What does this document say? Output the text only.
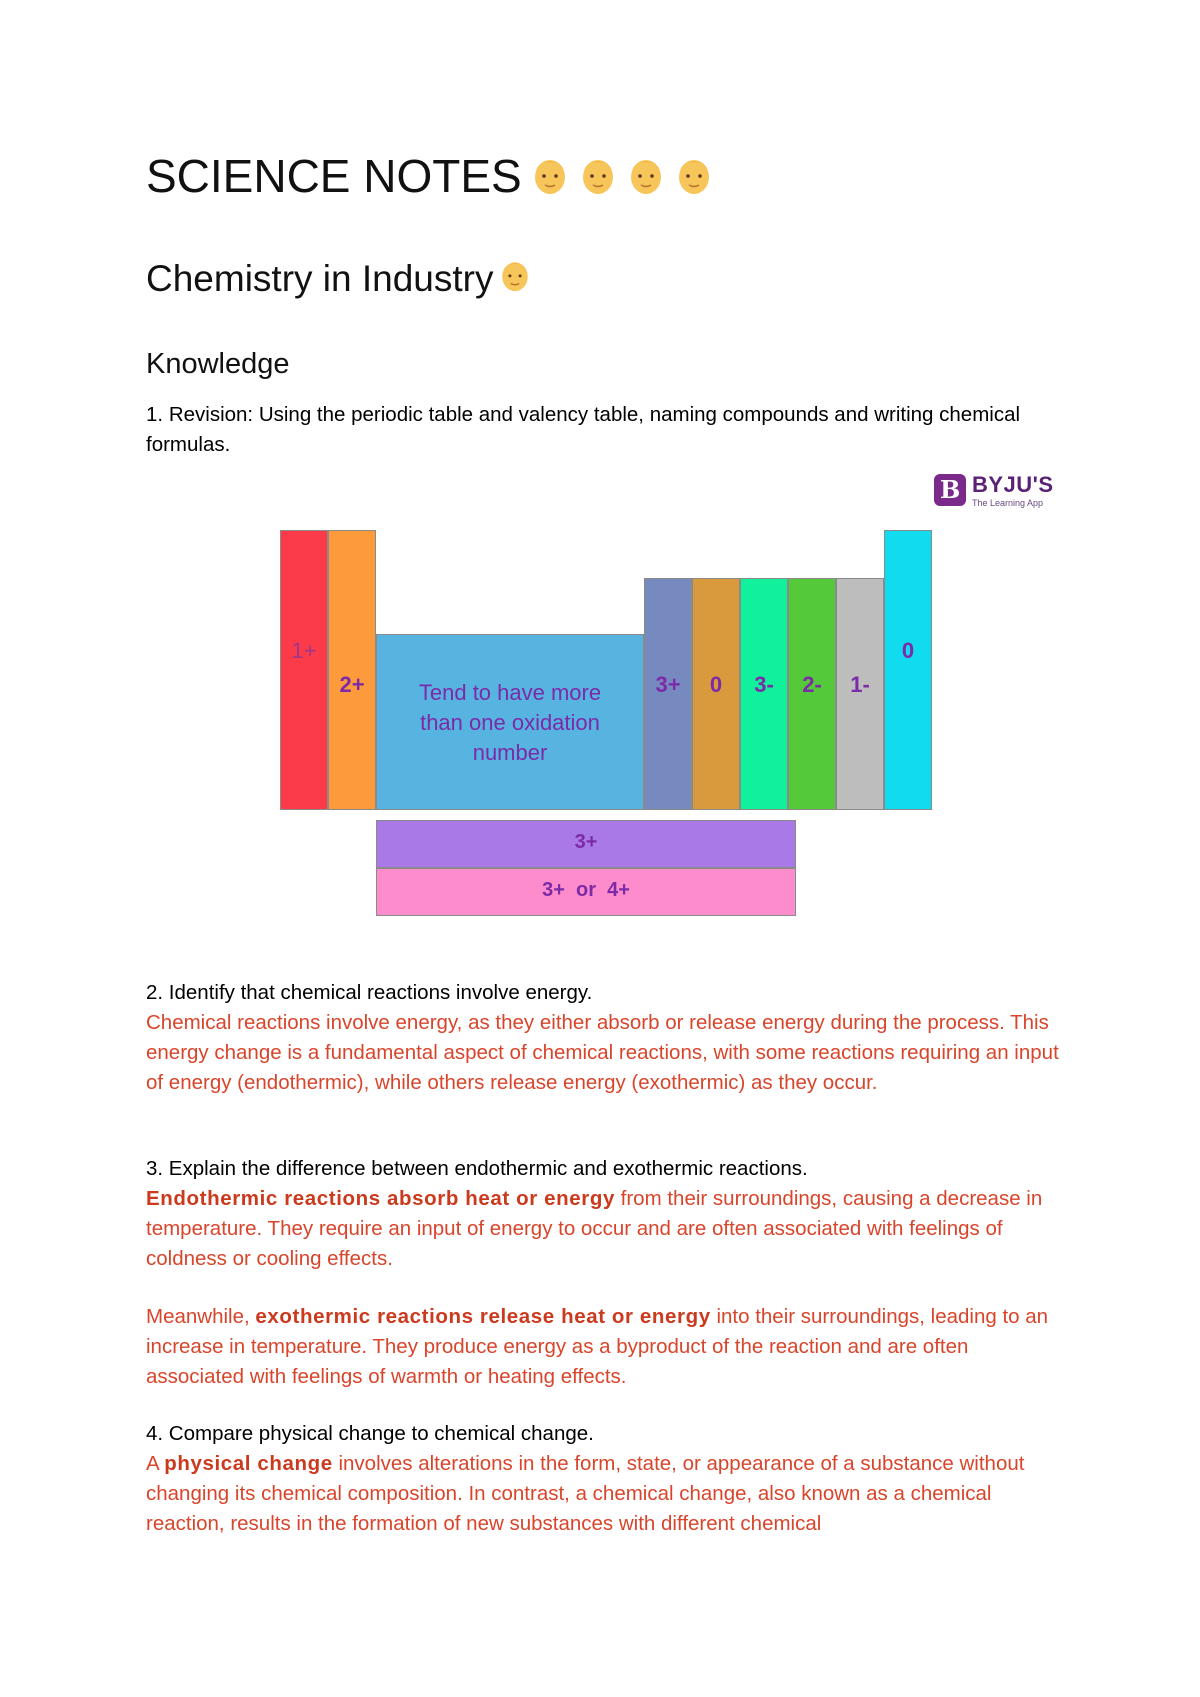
SCIENCE NOTES
Chemistry in Industry
Knowledge

1. Revision: Using the periodic table and valency table, naming compounds and writing chemical formulas.

B BYJU'S
The Learning App
1+
2+	Tend to have more than one oxidation number
3+	0	3-	2-	1-
0
3+
3+  or  4+

2. Identify that chemical reactions involve energy.

Chemical reactions involve energy, as they either absorb or release energy during the process. This energy change is a fundamental aspect of chemical reactions, with some reactions requiring an input of energy (endothermic), while others release energy (exothermic) as they occur.

3. Explain the difference between endothermic and exothermic reactions.

Endothermic reactions absorb heat or energy from their surroundings, causing a decrease in temperature. They require an input of energy to occur and are often associated with feelings of coldness or cooling effects.

Meanwhile, exothermic reactions release heat or energy into their surroundings, leading to an increase in temperature. They produce energy as a byproduct of the reaction and are often associated with feelings of warmth or heating effects.

4. Compare physical change to chemical change.

A physical change involves alterations in the form, state, or appearance of a substance without changing its chemical composition. In contrast, a chemical change, also known as a chemical reaction, results in the formation of new substances with different chemical
